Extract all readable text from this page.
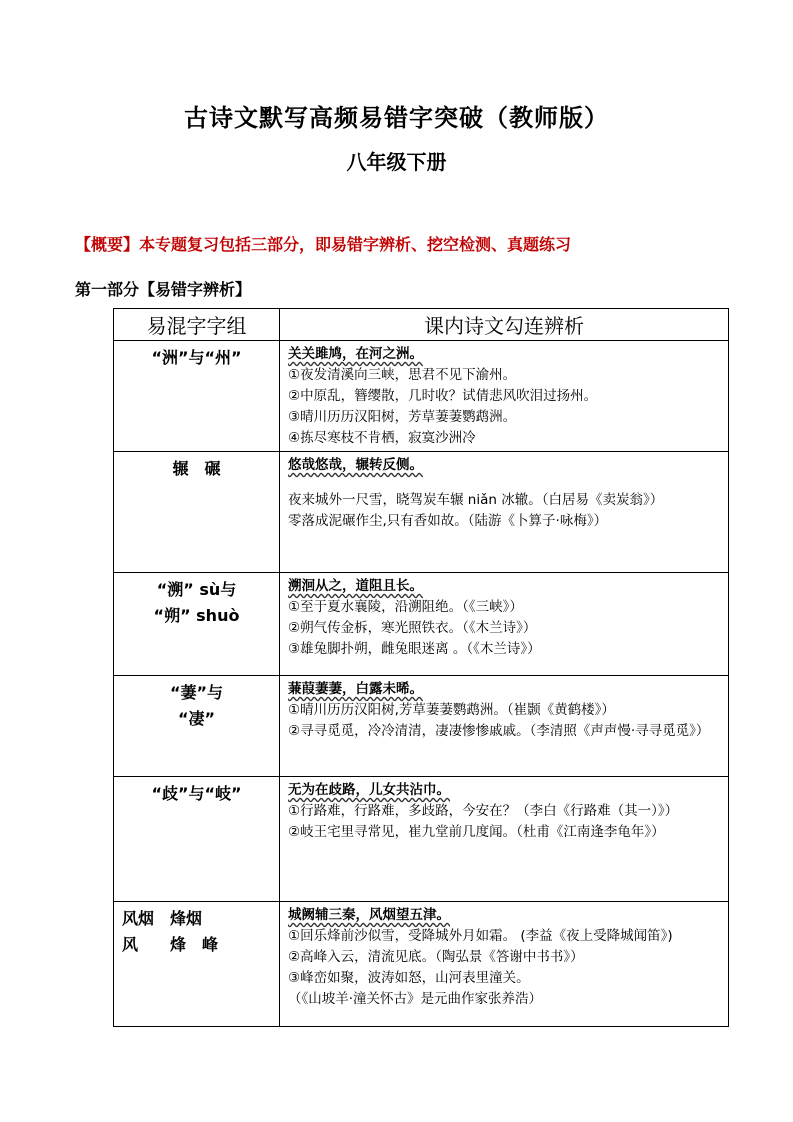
古诗文默写高频易错字突破（教师版）
八年级下册
【概要】本专题复习包括三部分，即易错字辨析、挖空检测、真题练习
第一部分【易错字辨析】
易混字字组	课内诗文勾连辨析

“洲”与“州”	关关雎鸠，在河之洲。
①夜发清溪向三峡，思君不见下渝州。
②中原乱，簪缨散，几时收？试倩悲风吹泪过扬州。
③晴川历历汉阳树，芳草萋萋鹦鹉洲。
④拣尽寒枝不肯栖，寂寞沙洲冷

辗　碾	悠哉悠哉，辗转反侧。
夜来城外一尺雪，晓驾炭车辗 niǎn 冰辙。（白居易《卖炭翁》）
零落成泥碾作尘,只有香如故。（陆游《卜算子·咏梅》）

“溯” sù与
“朔” shuò	溯洄从之，道阻且长。
①至于夏水襄陵，沿溯阻绝。（《三峡》）
②朔气传金柝，寒光照铁衣。（《木兰诗》）
③雄兔脚扑朔，雌兔眼迷离 。（《木兰诗》）

“萋”与
“凄”	蒹葭萋萋，白露未晞。
①晴川历历汉阳树,芳草萋萋鹦鹉洲。（崔颢《黄鹤楼》）
②寻寻觅觅，冷冷清清，凄凄惨惨戚戚。（李清照《声声慢·寻寻觅觅》）

“歧”与“岐”	无为在歧路，儿女共沾巾。
①行路难，行路难，多歧路，今安在？（李白《行路难（其一）》）
②岐王宅里寻常见，崔九堂前几度闻。（杜甫《江南逢李龟年》）

风烟　烽烟
风　　烽　峰	城阙辅三秦，风烟望五津。
①回乐烽前沙似雪，受降城外月如霜。 (李益《夜上受降城闻笛》)
②高峰入云，清流见底。（陶弘景《答谢中书书》）
③峰峦如聚，波涛如怒，山河表里潼关。
（《山坡羊·潼关怀古》是元曲作家张养浩）
